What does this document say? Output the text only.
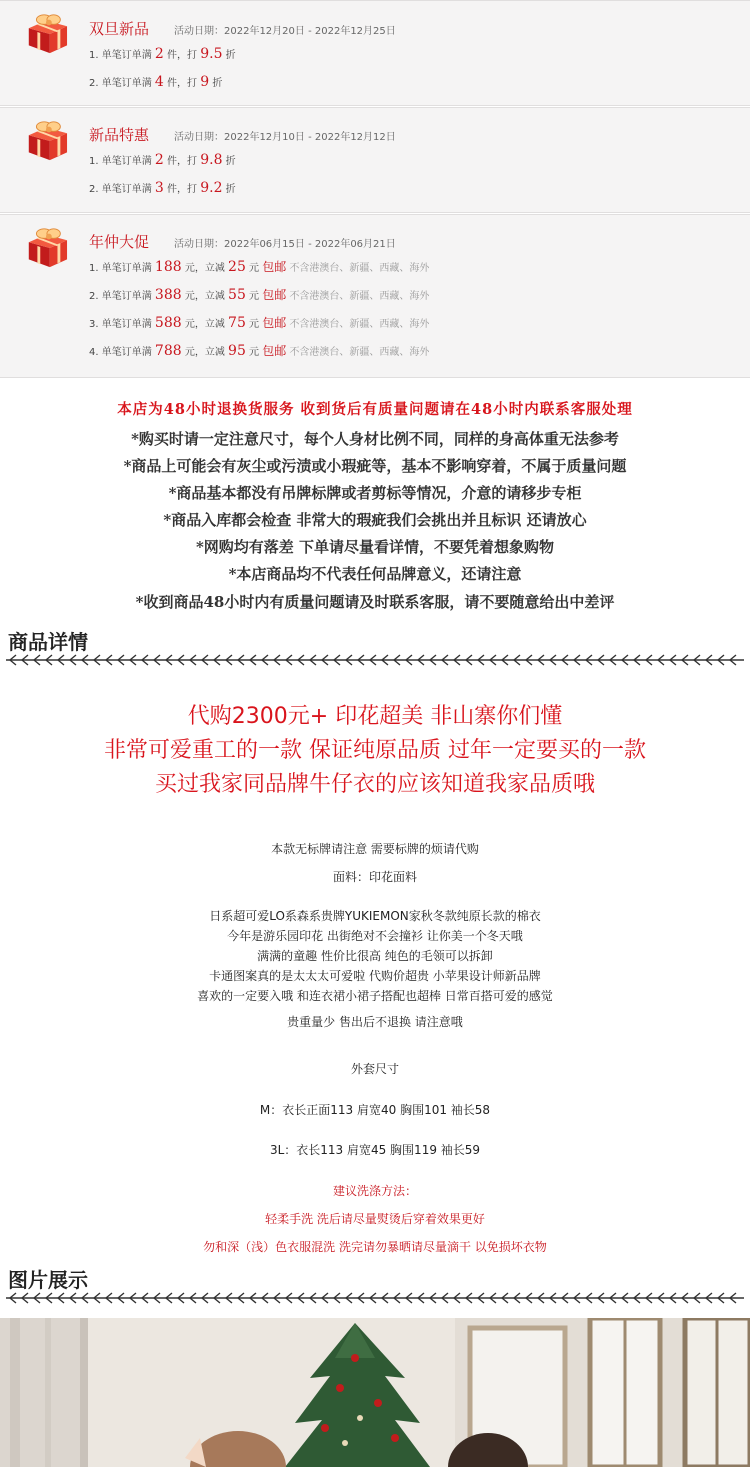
双旦新品 活动日期：2022年12月20日 - 2022年12月25日
1. 单笔订单满 2 件，打 9.5 折
2. 单笔订单满 4 件，打 9 折
新品特惠 活动日期：2022年12月10日 - 2022年12月12日
1. 单笔订单满 2 件，打 9.8 折
2. 单笔订单满 3 件，打 9.2 折
年仲大促 活动日期：2022年06月15日 - 2022年06月21日
1. 单笔订单满 188 元，立减 25 元 包邮 不含港澳台、新疆、西藏、海外
2. 单笔订单满 388 元，立减 55 元 包邮 不含港澳台、新疆、西藏、海外
3. 单笔订单满 588 元，立减 75 元 包邮 不含港澳台、新疆、西藏、海外
4. 单笔订单满 788 元，立减 95 元 包邮 不含港澳台、新疆、西藏、海外
本店为48小时退换货服务 收到货后有质量问题请在48小时内联系客服处理
*购买时请一定注意尺寸，每个人身材比例不同，同样的身高体重无法参考
*商品上可能会有灰尘或污渍或小瑕疵等，基本不影响穿着，不属于质量问题
*商品基本都没有吊牌标牌或者剪标等情况，介意的请移步专柜
*商品入库都会检查 非常大的瑕疵我们会挑出并且标识 还请放心
*网购均有落差 下单请尽量看详情，不要凭着想象购物
*本店商品均不代表任何品牌意义，还请注意
*收到商品48小时内有质量问题请及时联系客服，请不要随意给出中差评
商品详情
代购2300元+ 印花超美 非山寨你们懂
非常可爱重工的一款 保证纯原品质 过年一定要买的一款
买过我家同品牌牛仔衣的应该知道我家品质哦
本款无标牌请注意 需要标牌的烦请代购
面料：印花面料
日系超可爱LO系森系贵牌YUKIEMON家秋冬款纯原长款的棉衣
今年是游乐园印花 出街绝对不会撞衫 让你美一个冬天哦
满满的童趣 性价比很高 纯色的毛领可以拆卸
卡通图案真的是太太太可爱啦 代购价超贵 小苹果设计师新品牌
喜欢的一定要入哦 和连衣裙小裙子搭配也超棒 日常百搭可爱的感觉
贵重量少 售出后不退换 请注意哦
外套尺寸
M：衣长正面113 肩宽40 胸围101 袖长58
3L：衣长113 肩宽45 胸围119 袖长59
建议洗涤方法：
轻柔手洗 洗后请尽量熨烫后穿着效果更好
勿和深（浅）色衣服混洗 洗完请勿暴晒请尽量滴干 以免损坏衣物
图片展示
